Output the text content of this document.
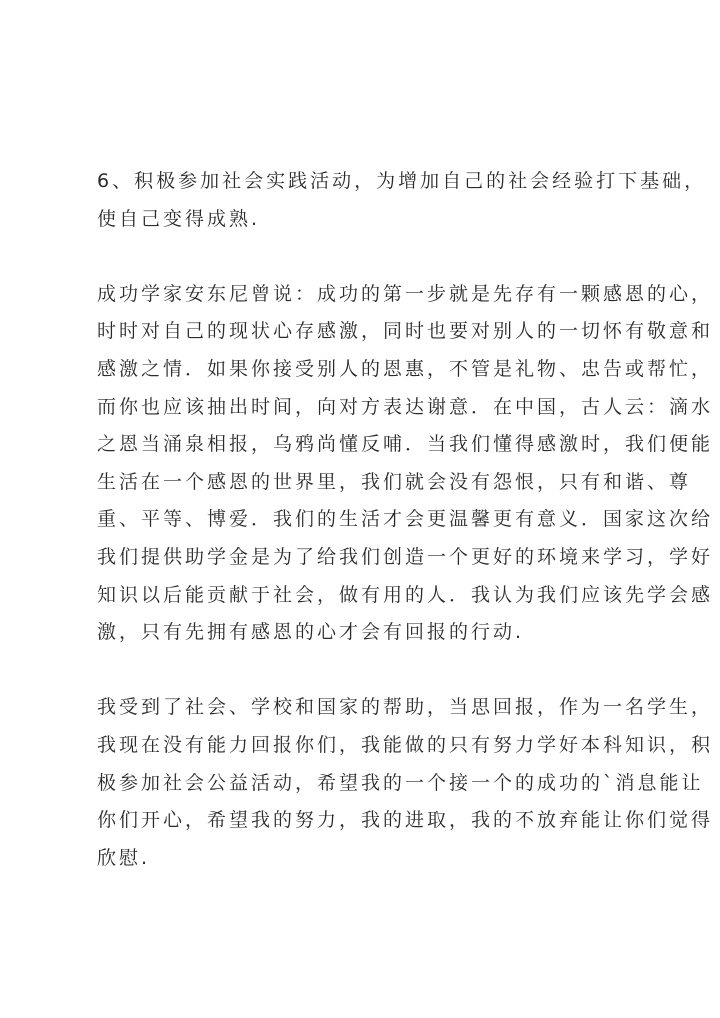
6、积极参加社会实践活动，为增加自己的社会经验打下基础，
使自己变得成熟.
成功学家安东尼曾说：成功的第一步就是先存有一颗感恩的心，
时时对自己的现状心存感激，同时也要对别人的一切怀有敬意和
感激之情．如果你接受别人的恩惠，不管是礼物、忠告或帮忙，
而你也应该抽出时间，向对方表达谢意．在中国，古人云：滴水
之恩当涌泉相报，乌鸦尚懂反哺．当我们懂得感激时，我们便能
生活在一个感恩的世界里，我们就会没有怨恨，只有和谐、尊
重、平等、博爱．我们的生活才会更温馨更有意义．国家这次给
我们提供助学金是为了给我们创造一个更好的环境来学习，学好
知识以后能贡献于社会，做有用的人．我认为我们应该先学会感
激，只有先拥有感恩的心才会有回报的行动.
我受到了社会、学校和国家的帮助，当思回报，作为一名学生，
我现在没有能力回报你们，我能做的只有努力学好本科知识，积
极参加社会公益活动，希望我的一个接一个的成功的`消息能让
你们开心，希望我的努力，我的进取，我的不放弃能让你们觉得
欣慰.
